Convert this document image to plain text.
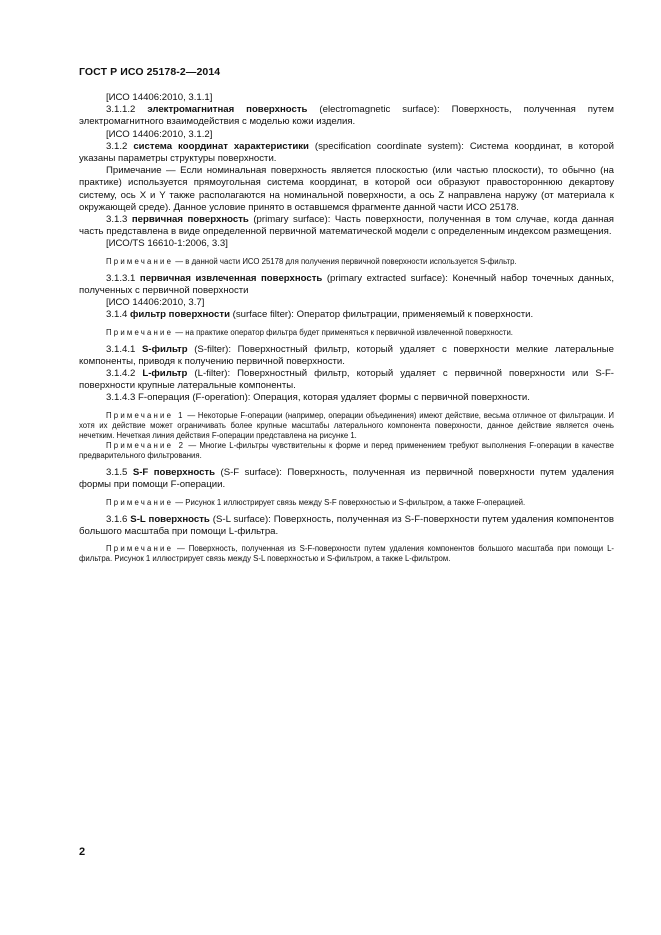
ГОСТ Р ИСО 25178-2—2014

[ИСО 14406:2010, 3.1.1]

3.1.1.2 электромагнитная поверхность (electromagnetic surface): Поверхность, полученная путем электромагнитного взаимодействия с моделью кожи изделия.

[ИСО 14406:2010, 3.1.2]

3.1.2 система координат характеристики (specification coordinate system): Система координат, в которой указаны параметры структуры поверхности.

Примечание — Если номинальная поверхность является плоскостью (или частью плоскости), то обычно (на практике) используется прямоугольная система координат, в которой оси образуют правостороннюю декартову систему, ось X и Y также располагаются на номинальной поверхности, а ось Z направлена наружу (от материала к окружающей среде). Данное условие принято в оставшемся фрагменте данной части ИСО 25178.

3.1.3 первичная поверхность (primary surface): Часть поверхности, полученная в том случае, когда данная часть представлена в виде определенной первичной математической модели с определенным индексом размещения.

[ИСО/TS 16610-1:2006, 3.3]

Примечание — в данной части ИСО 25178 для получения первичной поверхности используется S-фильтр.

3.1.3.1 первичная извлеченная поверхность (primary extracted surface): Конечный набор точечных данных, полученных с первичной поверхности

[ИСО 14406:2010, 3.7]

3.1.4 фильтр поверхности (surface filter): Оператор фильтрации, применяемый к поверхности.

Примечание — на практике оператор фильтра будет применяться к первичной извлеченной поверхности.

3.1.4.1 S-фильтр (S-filter): Поверхностный фильтр, который удаляет с поверхности мелкие латеральные компоненты, приводя к получению первичной поверхности.

3.1.4.2 L-фильтр (L-filter): Поверхностный фильтр, который удаляет с первичной поверхности или S-F-поверхности крупные латеральные компоненты.

3.1.4.3 F-операция (F-operation): Операция, которая удаляет формы с первичной поверхности.

Примечание 1 — Некоторые F-операции (например, операции объединения) имеют действие, весьма отличное от фильтрации. И хотя их действие может ограничивать более крупные масштабы латерального компонента поверхности, данное действие является очень нечетким. Нечеткая линия действия F-операции представлена на рисунке 1.

Примечание 2 — Многие L-фильтры чувствительны к форме и перед применением требуют выполнения F-операции в качестве предварительного фильтрования.

3.1.5 S-F поверхность (S-F surface): Поверхность, полученная из первичной поверхности путем удаления формы при помощи F-операции.

Примечание — Рисунок 1 иллюстрирует связь между S-F поверхностью и S-фильтром, а также F-операцией.

3.1.6 S-L поверхность (S-L surface): Поверхность, полученная из S-F-поверхности путем удаления компонентов большого масштаба при помощи L-фильтра.

Примечание — Поверхность, полученная из S-F-поверхности путем удаления компонентов большого масштаба при помощи L-фильтра. Рисунок 1 иллюстрирует связь между S-L поверхностью и S-фильтром, а также L-фильтром.

2
